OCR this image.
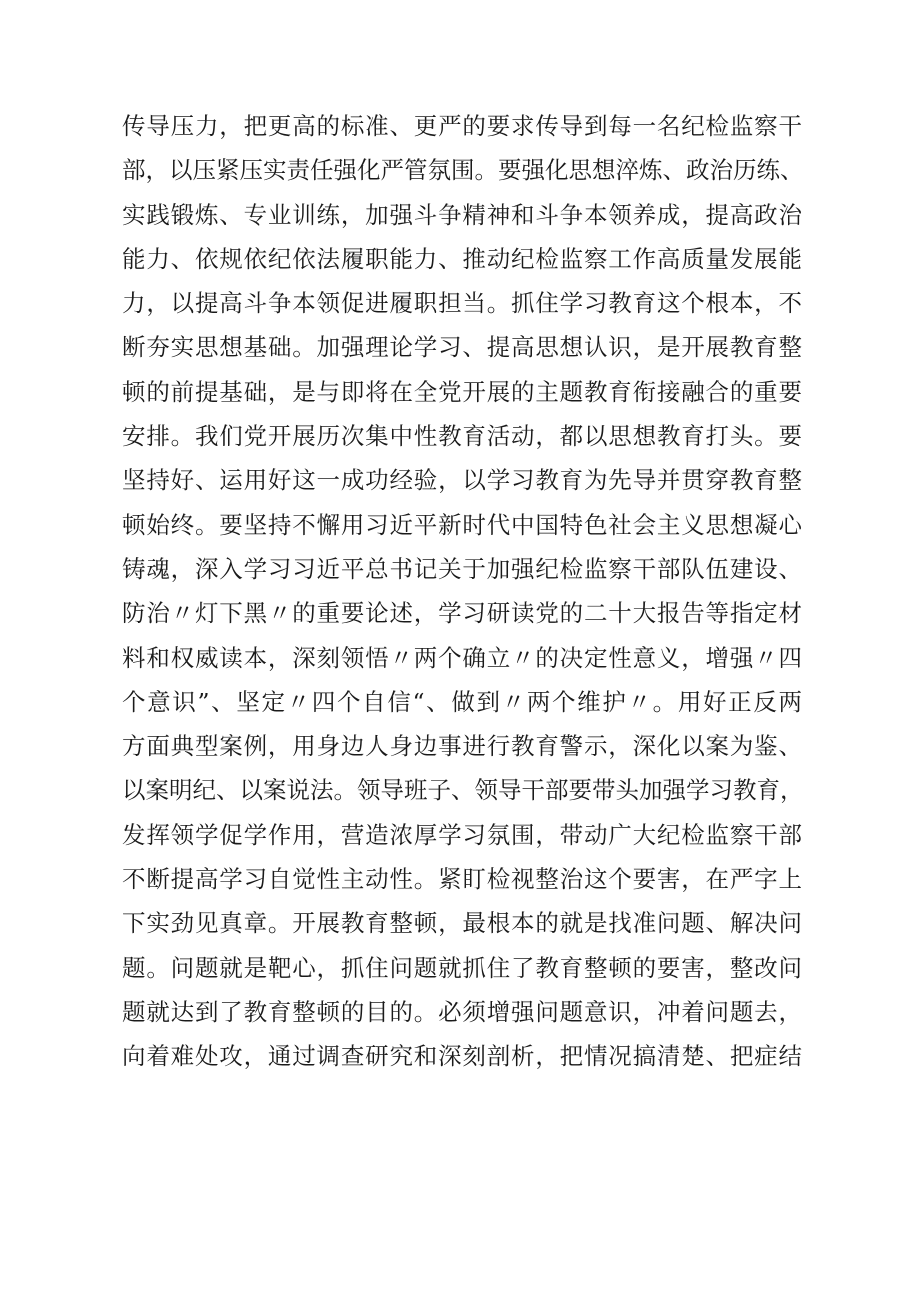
传导压力，把更高的标准、更严的要求传导到每一名纪检监察干
部，以压紧压实责任强化严管氛围。要强化思想淬炼、政治历练、
实践锻炼、专业训练，加强斗争精神和斗争本领养成，提高政治
能力、依规依纪依法履职能力、推动纪检监察工作高质量发展能
力，以提高斗争本领促进履职担当。抓住学习教育这个根本，不
断夯实思想基础。加强理论学习、提高思想认识，是开展教育整
顿的前提基础，是与即将在全党开展的主题教育衔接融合的重要
安排。我们党开展历次集中性教育活动，都以思想教育打头。要
坚持好、运用好这一成功经验，以学习教育为先导并贯穿教育整
顿始终。要坚持不懈用习近平新时代中国特色社会主义思想凝心
铸魂，深入学习习近平总书记关于加强纪检监察干部队伍建设、
防治〃灯下黑〃的重要论述，学习研读党的二十大报告等指定材
料和权威读本，深刻领悟〃两个确立〃的决定性意义，增强〃四
个意识”、坚定〃四个自信“、做到〃两个维护〃。用好正反两
方面典型案例，用身边人身边事进行教育警示，深化以案为鉴、
以案明纪、以案说法。领导班子、领导干部要带头加强学习教育，
发挥领学促学作用，营造浓厚学习氛围，带动广大纪检监察干部
不断提高学习自觉性主动性。紧盯检视整治这个要害，在严字上
下实劲见真章。开展教育整顿，最根本的就是找准问题、解决问
题。问题就是靶心，抓住问题就抓住了教育整顿的要害，整改问
题就达到了教育整顿的目的。必须增强问题意识，冲着问题去，
向着难处攻，通过调查研究和深刻剖析，把情况搞清楚、把症结
